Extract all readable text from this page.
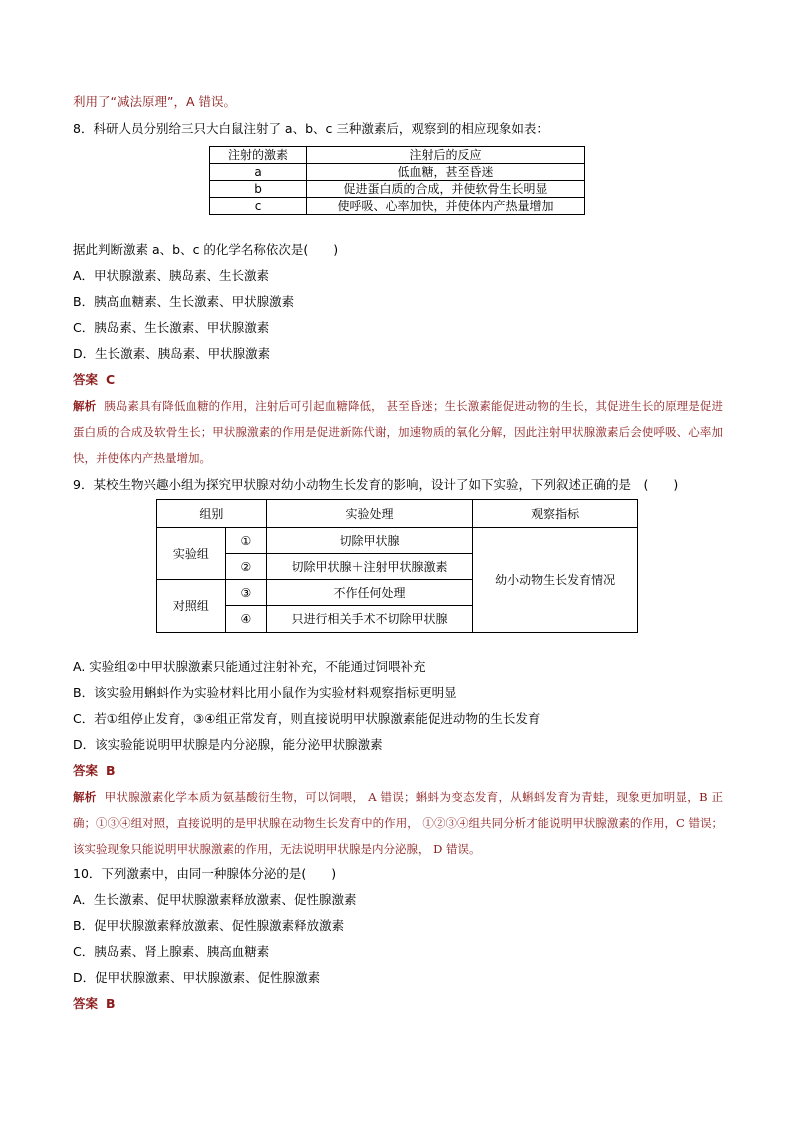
利用了“减法原理”，A 错误。

8．科研人员分别给三只大白鼠注射了 a、b、c 三种激素后，观察到的相应现象如表：

注射的激素	注射后的反应
a	低血糖，甚至昏迷
b	促进蛋白质的合成，并使软骨生长明显
c	使呼吸、心率加快，并使体内产热量增加

据此判断激素 a、b、c 的化学名称依次是(　　)

A．甲状腺激素、胰岛素、生长激素

B．胰高血糖素、生长激素、甲状腺激素

C．胰岛素、生长激素、甲状腺激素

D．生长激素、胰岛素、甲状腺激素

答案 C

解析 胰岛素具有降低血糖的作用，注射后可引起血糖降低， 甚至昏迷；生长激素能促进动物的生长，其促进生长的原理是促进蛋白质的合成及软骨生长；甲状腺激素的作用是促进新陈代谢，加速物质的氧化分解，因此注射甲状腺激素后会使呼吸、心率加快，并使体内产热量增加。

9．某校生物兴趣小组为探究甲状腺对幼小动物生长发育的影响，设计了如下实验，下列叙述正确的是　(　　)

组别		实验处理	观察指标
实验组	①	切除甲状腺	幼小动物生长发育情况
	②	切除甲状腺＋注射甲状腺激素	
对照组	③	不作任何处理	
	④	只进行相关手术不切除甲状腺	

A. 实验组②中甲状腺激素只能通过注射补充，不能通过饲喂补充

B．该实验用蝌蚪作为实验材料比用小鼠作为实验材料观察指标更明显

C．若①组停止发育，③④组正常发育，则直接说明甲状腺激素能促进动物的生长发育

D．该实验能说明甲状腺是内分泌腺，能分泌甲状腺激素

答案 B

解析 甲状腺激素化学本质为氨基酸衍生物，可以饲喂， A 错误；蝌蚪为变态发育，从蝌蚪发育为青蛙，现象更加明显，B 正确；①③④组对照，直接说明的是甲状腺在动物生长发育中的作用， ①②③④组共同分析才能说明甲状腺激素的作用，C 错误；该实验现象只能说明甲状腺激素的作用，无法说明甲状腺是内分泌腺， D 错误。

10．下列激素中，由同一种腺体分泌的是(　　)

A．生长激素、促甲状腺激素释放激素、促性腺激素

B．促甲状腺激素释放激素、促性腺激素释放激素

C．胰岛素、肾上腺素、胰高血糖素

D．促甲状腺激素、甲状腺激素、促性腺激素

答案 B
